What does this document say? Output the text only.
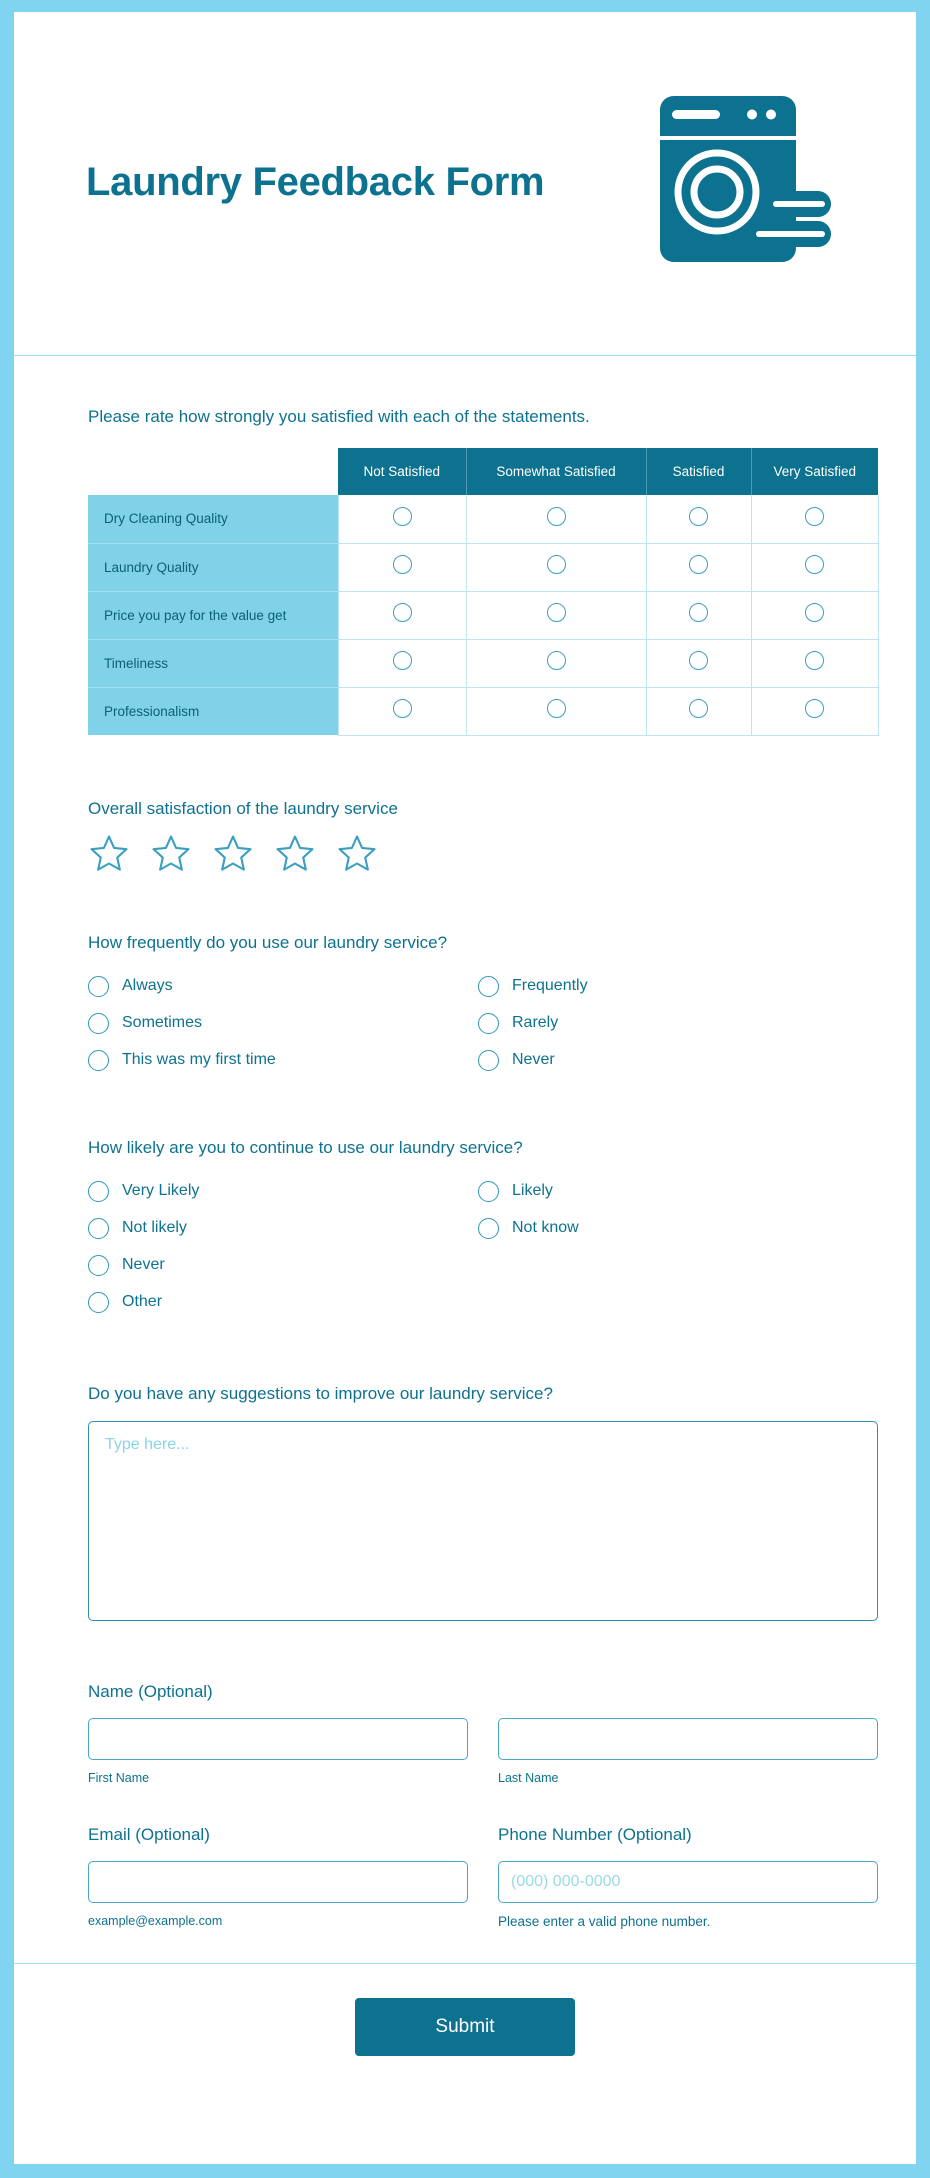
Laundry Feedback Form
Please rate how strongly you satisfied with each of the statements.
	Not Satisfied	Somewhat Satisfied	Satisfied	Very Satisfied
Dry Cleaning Quality				
Laundry Quality				
Price you pay for the value get				
Timeliness				
Professionalism				
Overall satisfaction of the laundry service
How frequently do you use our laundry service?
Always
Sometimes
This was my first time
Frequently
Rarely
Never
How likely are you to continue to use our laundry service?
Very Likely
Not likely
Never
Other
Likely
Not know
Do you have any suggestions to improve our laundry service?
Type here...
Name (Optional)
First Name	Last Name
Email (Optional)
example@example.com
Phone Number (Optional)
(000) 000-0000
Please enter a valid phone number.
Submit
